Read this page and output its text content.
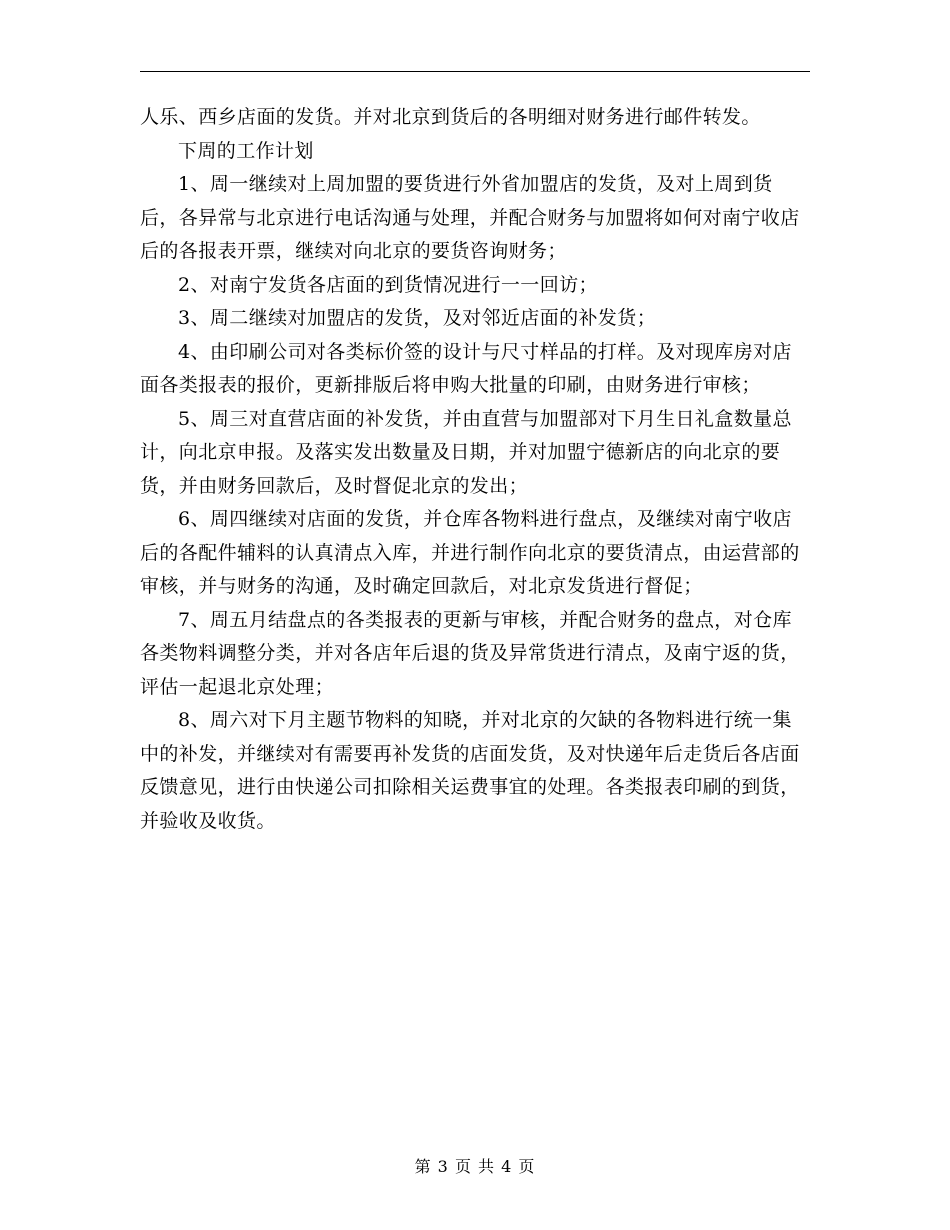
人乐、西乡店面的发货。并对北京到货后的各明细对财务进行邮件转发。

下周的工作计划

1、周一继续对上周加盟的要货进行外省加盟店的发货，及对上周到货后，各异常与北京进行电话沟通与处理，并配合财务与加盟将如何对南宁收店后的各报表开票，继续对向北京的要货咨询财务；

2、对南宁发货各店面的到货情况进行一一回访；

3、周二继续对加盟店的发货，及对邻近店面的补发货；

4、由印刷公司对各类标价签的设计与尺寸样品的打样。及对现库房对店面各类报表的报价，更新排版后将申购大批量的印刷，由财务进行审核；

5、周三对直营店面的补发货，并由直营与加盟部对下月生日礼盒数量总计，向北京申报。及落实发出数量及日期，并对加盟宁德新店的向北京的要货，并由财务回款后，及时督促北京的发出；

6、周四继续对店面的发货，并仓库各物料进行盘点，及继续对南宁收店后的各配件辅料的认真清点入库，并进行制作向北京的要货清点，由运营部的审核，并与财务的沟通，及时确定回款后，对北京发货进行督促；

7、周五月结盘点的各类报表的更新与审核，并配合财务的盘点，对仓库各类物料调整分类，并对各店年后退的货及异常货进行清点，及南宁返的货，评估一起退北京处理；

8、周六对下月主题节物料的知晓，并对北京的欠缺的各物料进行统一集中的补发，并继续对有需要再补发货的店面发货，及对快递年后走货后各店面反馈意见，进行由快递公司扣除相关运费事宜的处理。各类报表印刷的到货，并验收及收货。

第 3 页 共 4 页
